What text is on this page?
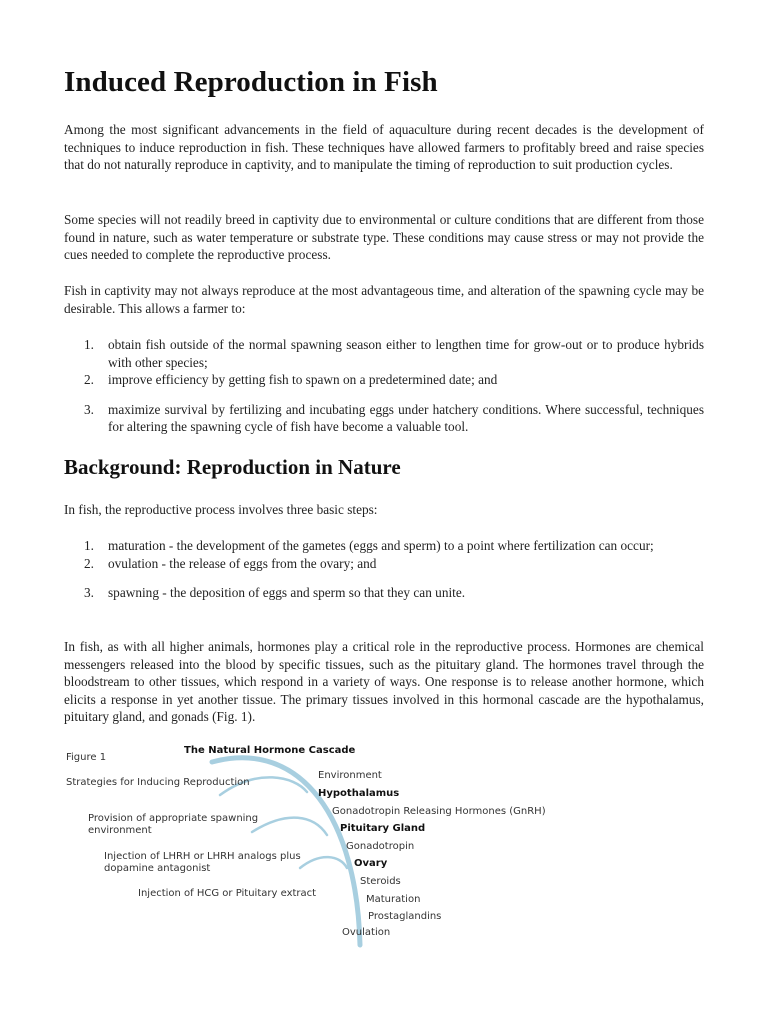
Induced Reproduction in Fish

Among the most significant advancements in the field of aquaculture during recent decades is the development of techniques to induce reproduction in fish. These techniques have allowed farmers to profitably breed and raise species that do not naturally reproduce in captivity, and to manipulate the timing of reproduction to suit production cycles.

Some species will not readily breed in captivity due to environmental or culture conditions that are different from those found in nature, such as water temperature or substrate type. These conditions may cause stress or may not provide the cues needed to complete the reproductive process.

Fish in captivity may not always reproduce at the most advantageous time, and alteration of the spawning cycle may be desirable. This allows a farmer to:

1. obtain fish outside of the normal spawning season either to lengthen time for grow-out or to produce hybrids with other species;
2. improve efficiency by getting fish to spawn on a predetermined date; and
3. maximize survival by fertilizing and incubating eggs under hatchery conditions. Where successful, techniques for altering the spawning cycle of fish have become a valuable tool.
Background: Reproduction in Nature

In fish, the reproductive process involves three basic steps:

1. maturation - the development of the gametes (eggs and sperm) to a point where fertilization can occur;
2. ovulation - the release of eggs from the ovary; and
3. spawning - the deposition of eggs and sperm so that they can unite.

In fish, as with all higher animals, hormones play a critical role in the reproductive process. Hormones are chemical messengers released into the blood by specific tissues, such as the pituitary gland. The hormones travel through the bloodstream to other tissues, which respond in a variety of ways. One response is to release another hormone, which elicits a response in yet another tissue. The primary tissues involved in this hormonal cascade are the hypothalamus, pituitary gland, and gonads (Fig. 1).

Figure 1
The Natural Hormone Cascade
Strategies for Inducing Reproduction
Provision of appropriate spawning
environment
Injection of LHRH or LHRH analogs plus
dopamine antagonist
Injection of HCG or Pituitary extract
Environment
Hypothalamus
Gonadotropin Releasing Hormones (GnRH)
Pituitary Gland
Gonadotropin
Ovary
Steroids
Maturation
Prostaglandins
Ovulation
